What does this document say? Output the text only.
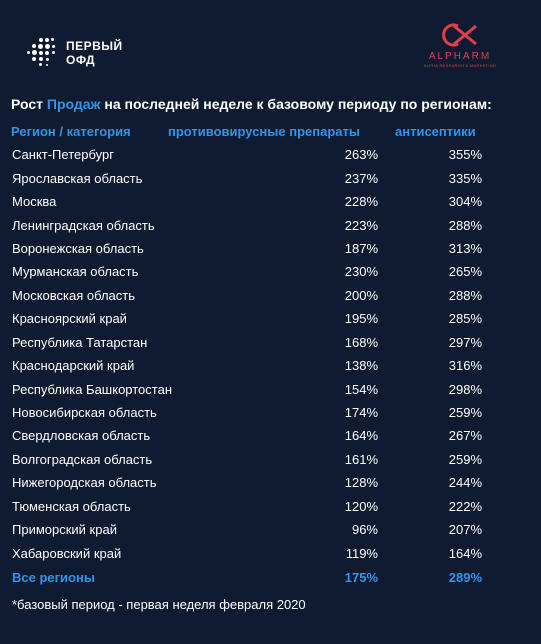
ПЕРВЫЙ
ОФД	ALPHARM
ALPHA RESEARCH & MARKETING
Рост Продаж на последней неделе к базовому периоду по регионам:
Регион / категория	противовирусные препараты	антисептики
Санкт-Петербург	263%	355%
Ярославская область	237%	335%
Москва	228%	304%
Ленинградская область	223%	288%
Воронежская область	187%	313%
Мурманская область	230%	265%
Московская область	200%	288%
Красноярский край	195%	285%
Республика Татарстан	168%	297%
Краснодарский край	138%	316%
Республика Башкортостан	154%	298%
Новосибирская область	174%	259%
Свердловская область	164%	267%
Волгоградская область	161%	259%
Нижегородская область	128%	244%
Тюменская область	120%	222%
Приморский край	96%	207%
Хабаровский край	119%	164%
Все регионы	175%	289%
*базовый период - первая неделя февраля 2020
